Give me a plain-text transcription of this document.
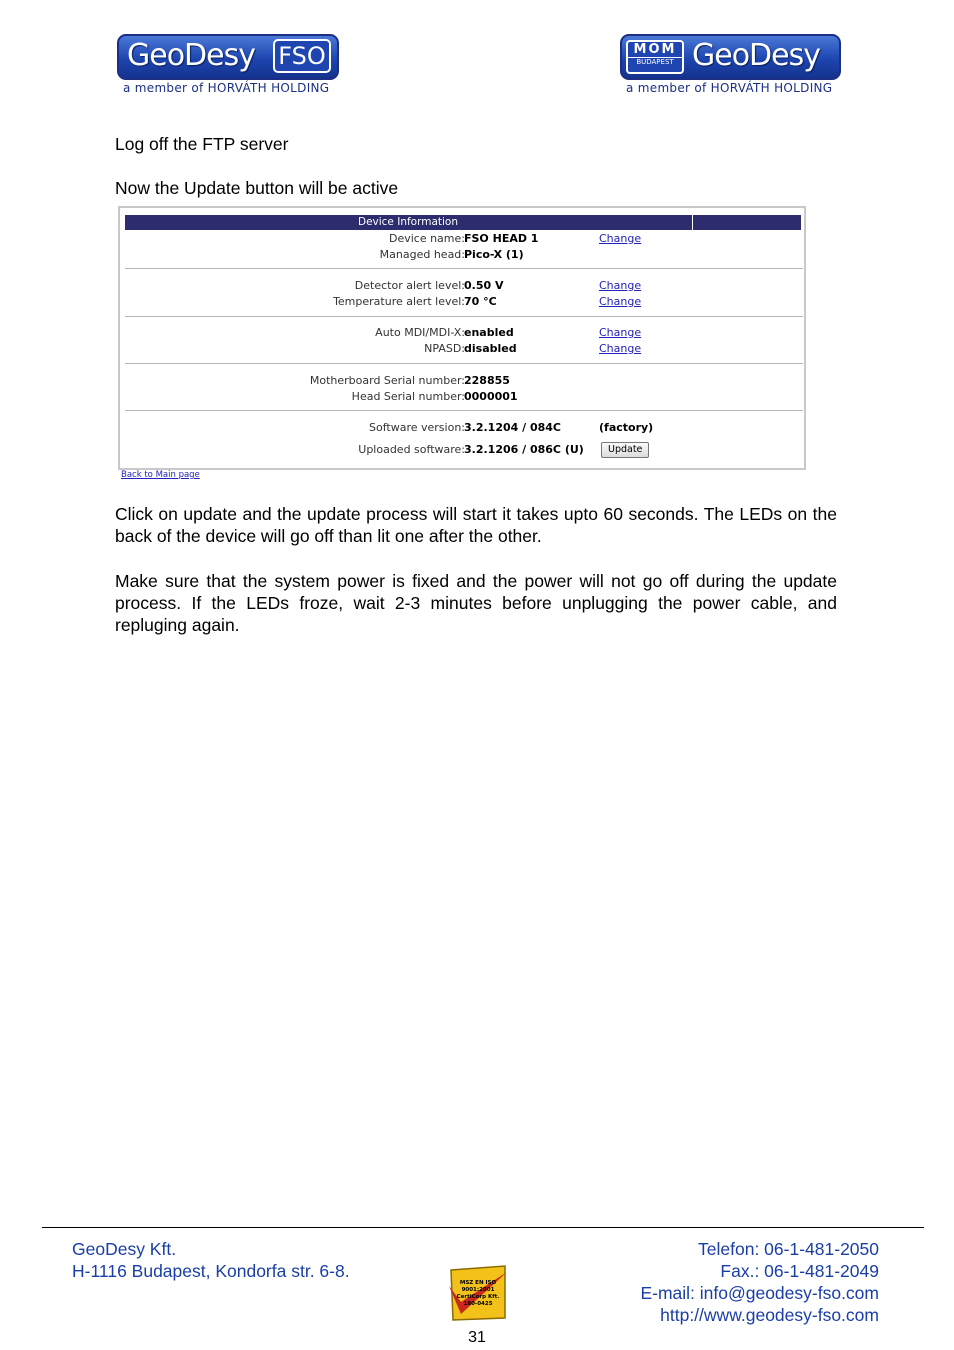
GeoDesy FSO
a member of HORVÁTH HOLDING
MOM
BUDAPEST GeoDesy
a member of HORVÁTH HOLDING
Log off the FTP server
Now the Update button will be active
Device Information
Device name: FSO HEAD 1	Change
Managed head: Pico-X (1)
Detector alert level: 0.50 V	Change
Temperature alert level: 70 °C	Change
Auto MDI/MDI-X: enabled	Change
NPASD: disabled	Change
Motherboard Serial number: 228855
Head Serial number: 0000001
Software version: 3.2.1204 / 084C	(factory)
Uploaded software: 3.2.1206 / 086C (U)	Update
Back to Main page
Click on update and the update process will start it takes upto 60 seconds. The LEDs on the back of the device will go off than lit one after the other.
Make sure that the system power is fixed and the power will not go off during the update process. If the LEDs froze, wait 2-3 minutes before unplugging the power cable, and repluging again.
GeoDesy Kft.
H-1116 Budapest, Kondorfa str. 6-8.
Telefon: 06-1-481-2050
Fax.: 06-1-481-2049
E-mail: info@geodesy-fso.com
http://www.geodesy-fso.com
MSZ EN ISO 9001:2001 CertiCorp Kft. 180-0425
31
